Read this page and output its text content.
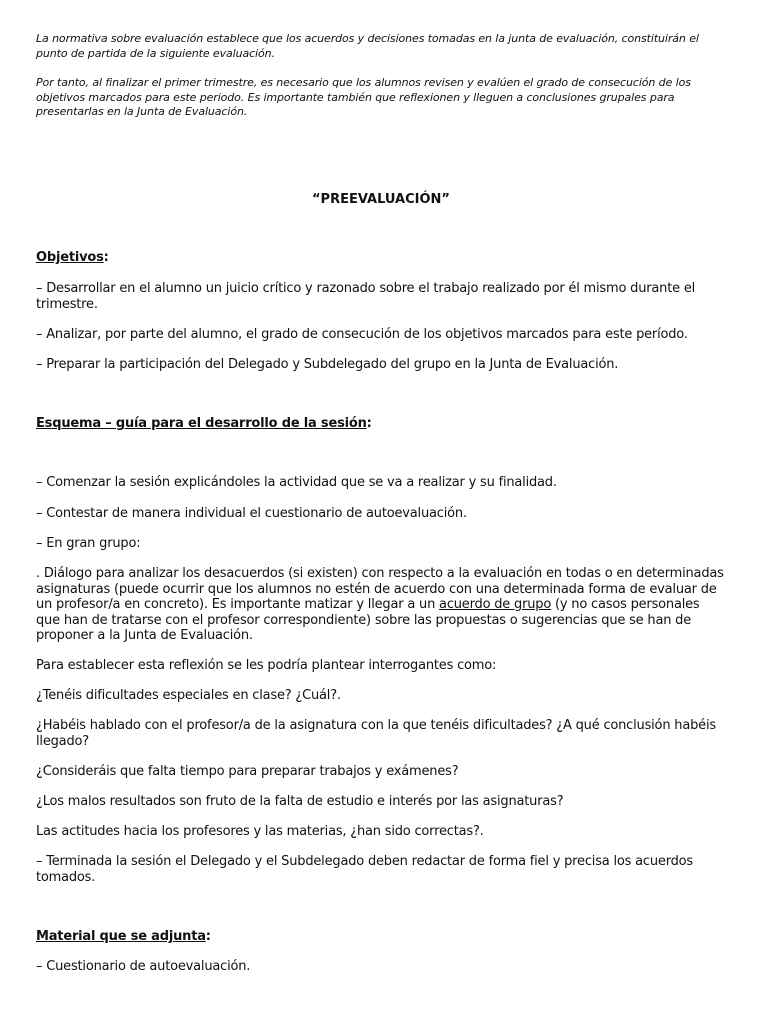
La normativa sobre evaluación establece que los acuerdos y decisiones tomadas en la junta de evaluación, constituirán el punto de partida de la siguiente evaluación.

Por tanto, al finalizar el primer trimestre, es necesario que los alumnos revisen y evalúen el grado de consecución de los objetivos marcados para este periodo. Es importante también que reflexionen y lleguen a conclusiones grupales para presentarlas en la Junta de Evaluación.

“PREEVALUACIÓN”

Objetivos:

– Desarrollar en el alumno un juicio crítico y razonado sobre el trabajo realizado por él mismo durante el trimestre.

– Analizar, por parte del alumno, el grado de consecución de los objetivos marcados para este período.

– Preparar la participación del Delegado y Subdelegado del grupo en la Junta de Evaluación.

Esquema – guía para el desarrollo de la sesión:

– Comenzar la sesión explicándoles la actividad que se va a realizar y su finalidad.

– Contestar de manera individual el cuestionario de autoevaluación.

– En gran grupo:

. Diálogo para analizar los desacuerdos (si existen) con respecto a la evaluación en todas o en determinadas asignaturas (puede ocurrir que los alumnos no estén de acuerdo con una determinada forma de evaluar de un profesor/a en concreto). Es importante matizar y llegar a un acuerdo de grupo (y no casos personales que han de tratarse con el profesor correspondiente) sobre las propuestas o sugerencias que se han de proponer a la Junta de Evaluación.

Para establecer esta reflexión se les podría plantear interrogantes como:

¿Tenéis dificultades especiales en clase? ¿Cuál?.

¿Habéis hablado con el profesor/a de la asignatura con la que tenéis dificultades? ¿A qué conclusión habéis llegado?

¿Consideráis que falta tiempo para preparar trabajos y exámenes?

¿Los malos resultados son fruto de la falta de estudio e interés por las asignaturas?

Las actitudes hacia los profesores y las materias, ¿han sido correctas?.

– Terminada la sesión el Delegado y el Subdelegado deben redactar de forma fiel y precisa los acuerdos tomados.

Material que se adjunta:

– Cuestionario de autoevaluación.
